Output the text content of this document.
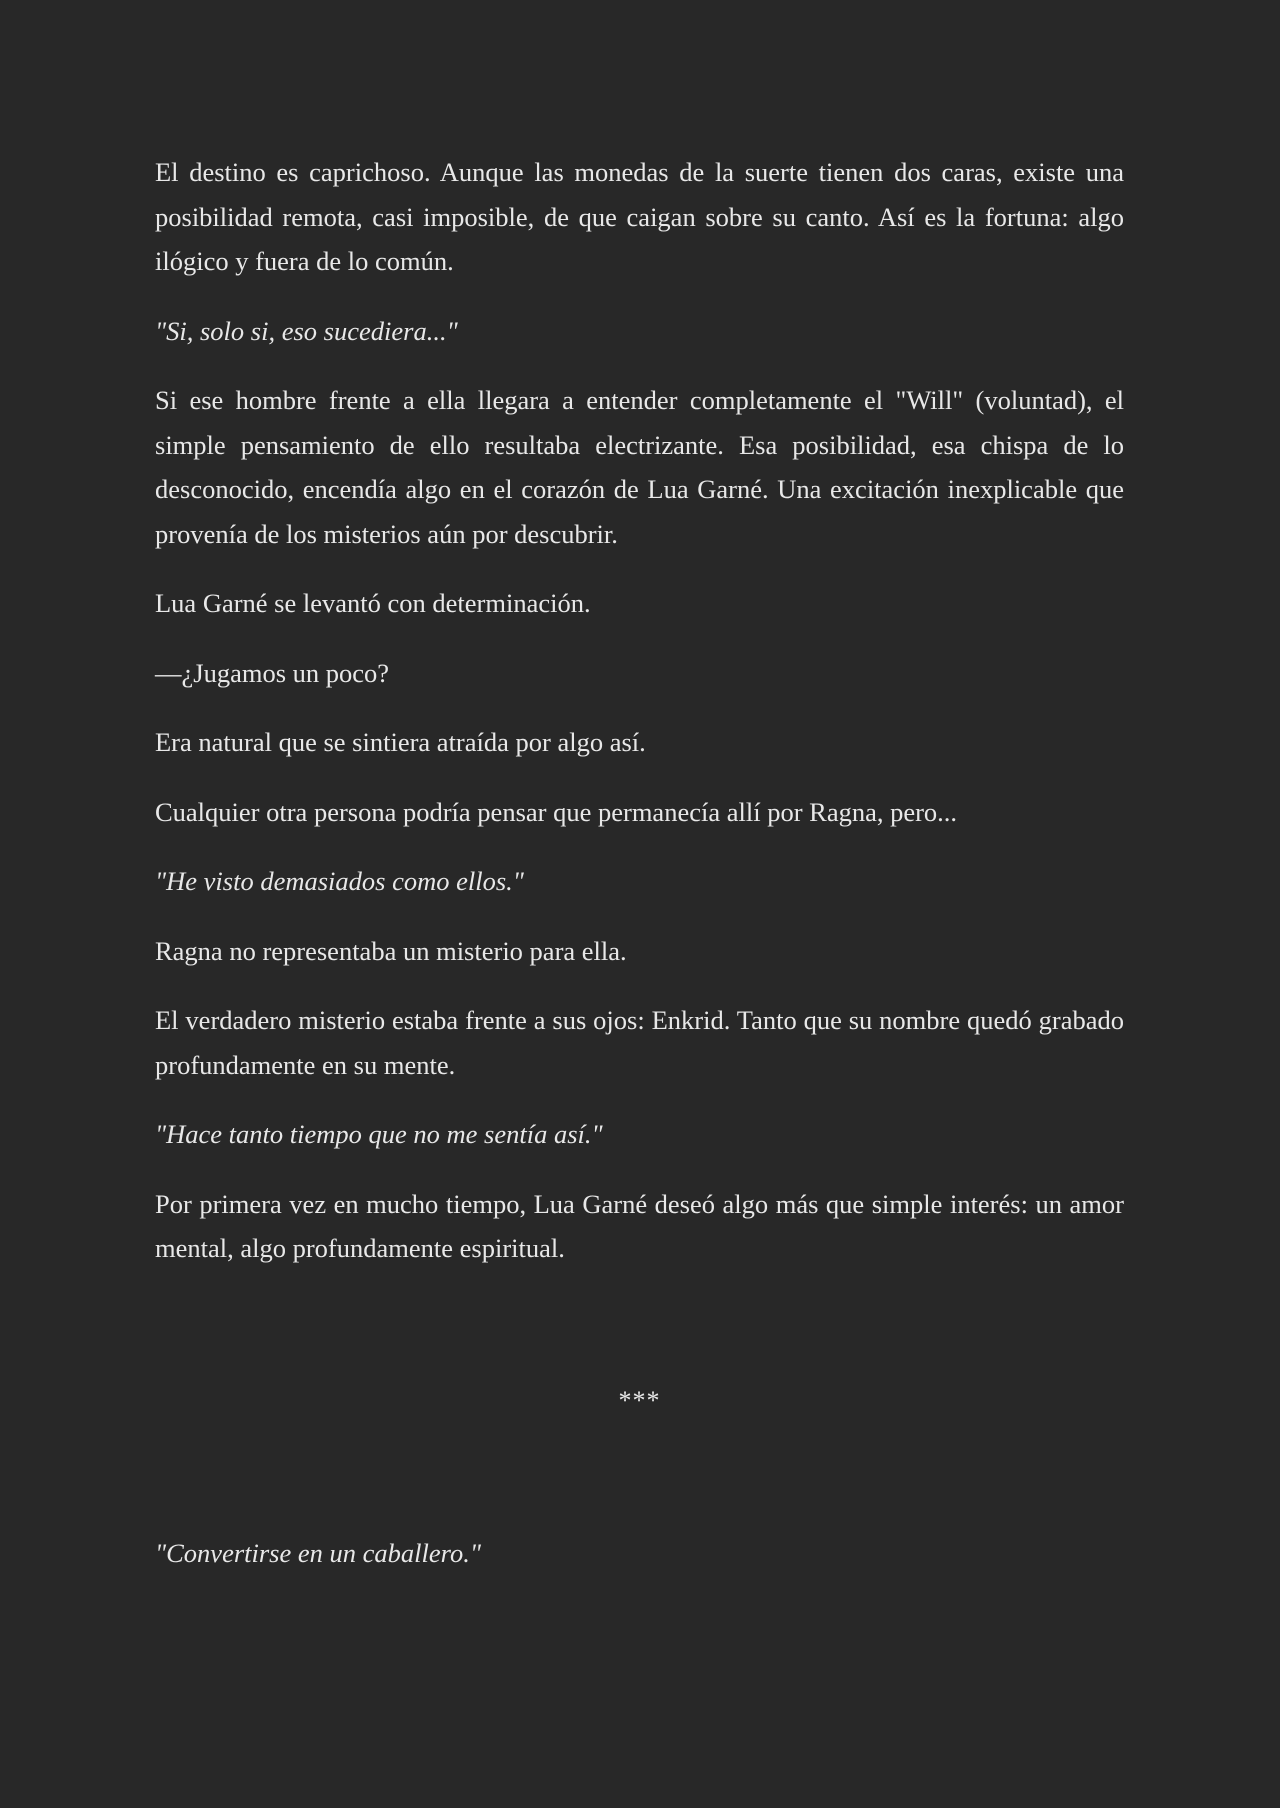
El destino es caprichoso. Aunque las monedas de la suerte tienen dos caras, existe una posibilidad remota, casi imposible, de que caigan sobre su canto. Así es la fortuna: algo ilógico y fuera de lo común.

"Si, solo si, eso sucediera..."

Si ese hombre frente a ella llegara a entender completamente el "Will" (voluntad), el simple pensamiento de ello resultaba electrizante. Esa posibilidad, esa chispa de lo desconocido, encendía algo en el corazón de Lua Garné. Una excitación inexplicable que provenía de los misterios aún por descubrir.

Lua Garné se levantó con determinación.

—¿Jugamos un poco?

Era natural que se sintiera atraída por algo así.

Cualquier otra persona podría pensar que permanecía allí por Ragna, pero...

"He visto demasiados como ellos."

Ragna no representaba un misterio para ella.

El verdadero misterio estaba frente a sus ojos: Enkrid. Tanto que su nombre quedó grabado profundamente en su mente.

"Hace tanto tiempo que no me sentía así."

Por primera vez en mucho tiempo, Lua Garné deseó algo más que simple interés: un amor mental, algo profundamente espiritual.

***

"Convertirse en un caballero."
